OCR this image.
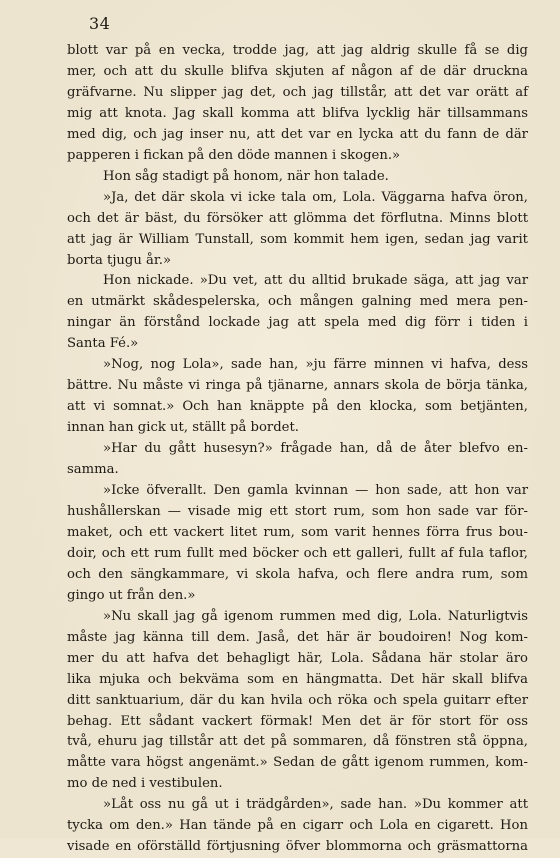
34

blott var på en vecka, trodde jag, att jag aldrig skulle få se dig
mer, och att du skulle blifva skjuten af någon af de där druckna
gräfvarne. Nu slipper jag det, och jag tillstår, att det var orätt af
mig att knota. Jag skall komma att blifva lycklig här tillsammans
med dig, och jag inser nu, att det var en lycka att du fann de där
papperen i fickan på den döde mannen i skogen.»
Hon såg stadigt på honom, när hon talade.
»Ja, det där skola vi icke tala om, Lola. Väggarna hafva öron,
och det är bäst, du försöker att glömma det förflutna. Minns blott
att jag är William Tunstall, som kommit hem igen, sedan jag varit
borta tjugu år.»
Hon nickade. »Du vet, att du alltid brukade säga, att jag var
en utmärkt skådespelerska, och mången galning med mera pen-
ningar än förstånd lockade jag att spela med dig förr i tiden i
Santa Fé.»
»Nog, nog Lola», sade han, »ju färre minnen vi hafva, dess
bättre. Nu måste vi ringa på tjänarne, annars skola de börja tänka,
att vi somnat.» Och han knäppte på den klocka, som betjänten,
innan han gick ut, ställt på bordet.
»Har du gått husesyn?» frågade han, då de åter blefvo en-
samma.
»Icke öfverallt. Den gamla kvinnan — hon sade, att hon var
hushållerskan — visade mig ett stort rum, som hon sade var för-
maket, och ett vackert litet rum, som varit hennes förra frus bou-
doir, och ett rum fullt med böcker och ett galleri, fullt af fula taflor,
och den sängkammare, vi skola hafva, och flere andra rum, som
gingo ut från den.»
»Nu skall jag gå igenom rummen med dig, Lola. Naturligtvis
måste jag känna till dem. Jaså, det här är boudoiren! Nog kom-
mer du att hafva det behagligt här, Lola. Sådana här stolar äro
lika mjuka och bekväma som en hängmatta. Det här skall blifva
ditt sanktuarium, där du kan hvila och röka och spela guitarr efter
behag. Ett sådant vackert förmak! Men det är för stort för oss
två, ehuru jag tillstår att det på sommaren, då fönstren stå öppna,
måtte vara högst angenämt.» Sedan de gått igenom rummen, kom-
mo de ned i vestibulen.
»Låt oss nu gå ut i trädgården», sade han. »Du kommer att
tycka om den.» Han tände på en cigarr och Lola en cigarett. Hon
visade en oförställd förtjusning öfver blommorna och gräsmattorna
